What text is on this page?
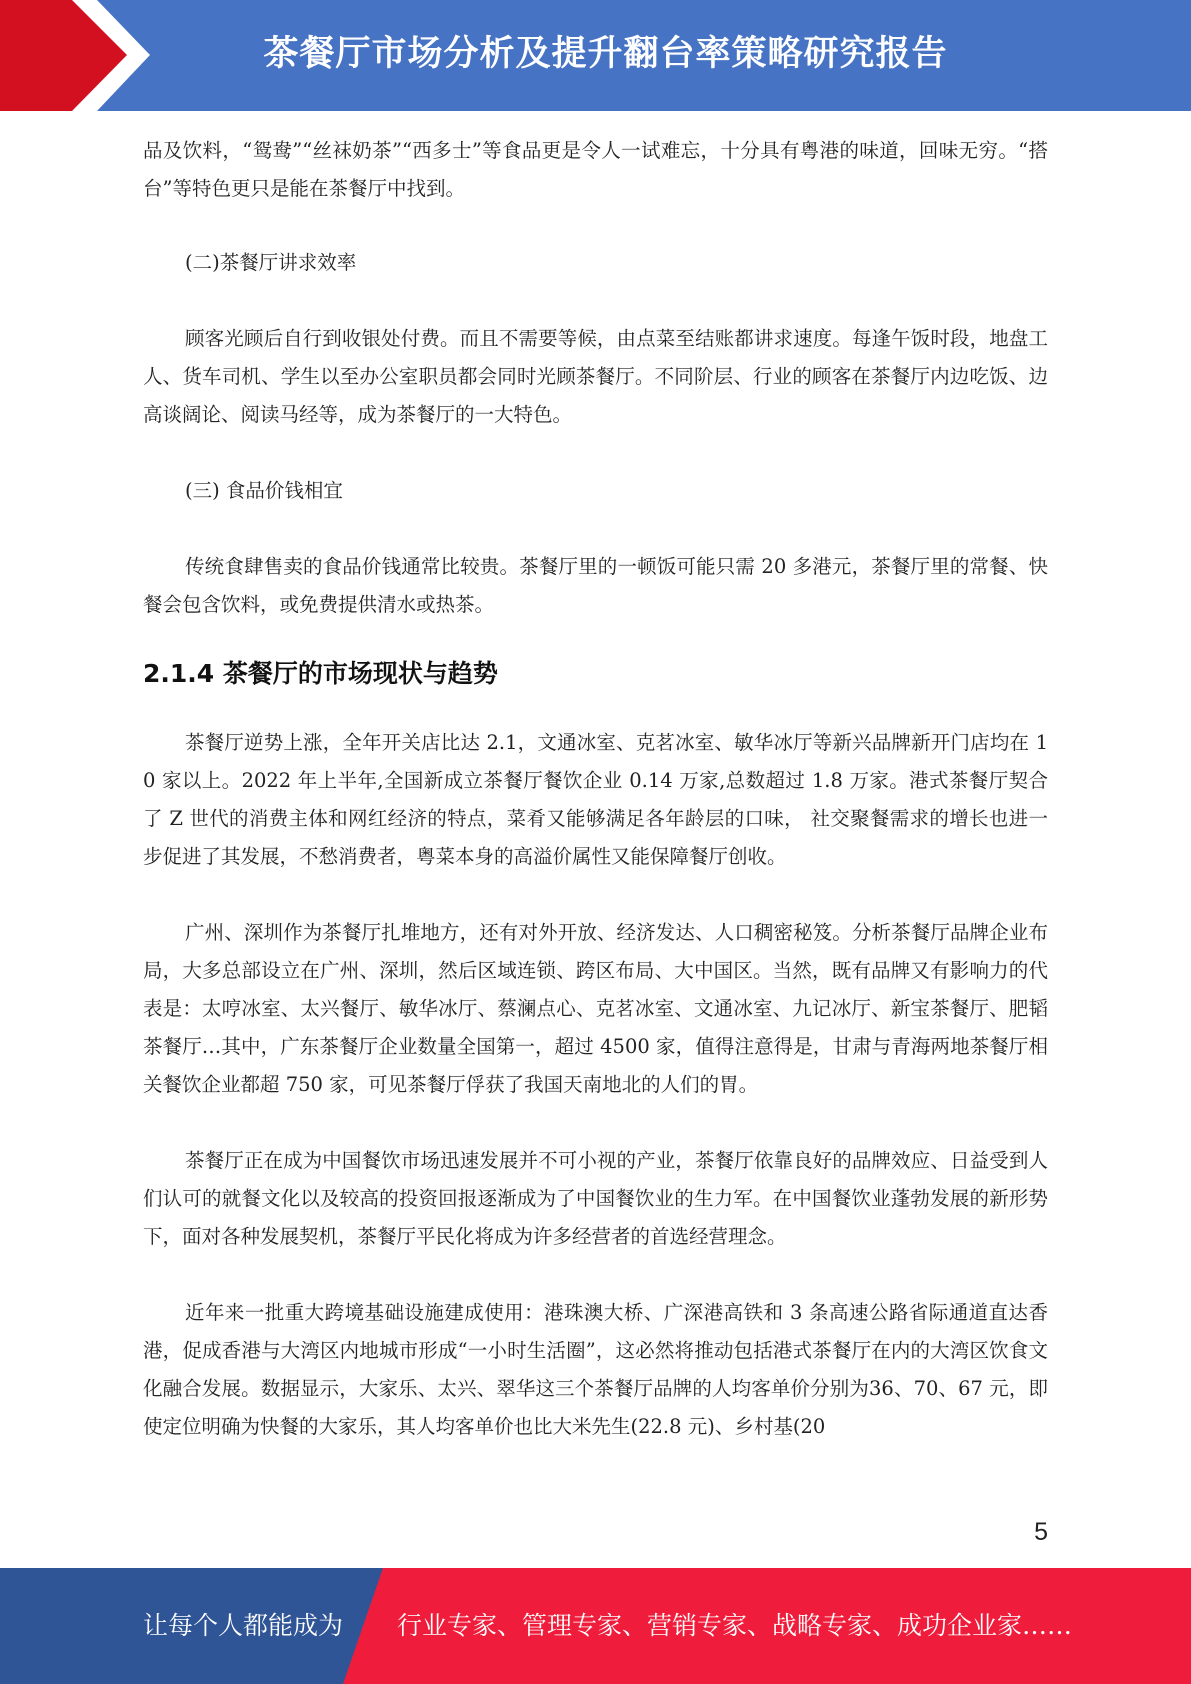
茶餐厅市场分析及提升翻台率策略研究报告

品及饮料，“鸳鸯”“丝袜奶茶”“西多士”等食品更是令人一试难忘，十分具有粤港的味道，回味无穷。“搭台”等特色更只是能在茶餐厅中找到。

(二)茶餐厅讲求效率

顾客光顾后自行到收银处付费。而且不需要等候，由点菜至结账都讲求速度。每逢午饭时段，地盘工人、货车司机、学生以至办公室职员都会同时光顾茶餐厅。不同阶层、行业的顾客在茶餐厅内边吃饭、边高谈阔论、阅读马经等，成为茶餐厅的一大特色。

(三) 食品价钱相宜

传统食肆售卖的食品价钱通常比较贵。茶餐厅里的一顿饭可能只需 20 多港元，茶餐厅里的常餐、快餐会包含饮料，或免费提供清水或热茶。

2.1.4 茶餐厅的市场现状与趋势

茶餐厅逆势上涨，全年开关店比达 2.1，文通冰室、克茗冰室、敏华冰厅等新兴品牌新开门店均在 10 家以上。2022 年上半年,全国新成立茶餐厅餐饮企业 0.14 万家,总数超过 1.8 万家。港式茶餐厅契合了 Z 世代的消费主体和网红经济的特点，菜肴又能够满足各年龄层的口味， 社交聚餐需求的增长也进一步促进了其发展，不愁消费者，粤菜本身的高溢价属性又能保障餐厅创收。

广州、深圳作为茶餐厅扎堆地方，还有对外开放、经济发达、人口稠密秘笈。分析茶餐厅品牌企业布局，大多总部设立在广州、深圳，然后区域连锁、跨区布局、大中国区。当然，既有品牌又有影响力的代表是：太哼冰室、太兴餐厅、敏华冰厅、蔡澜点心、克茗冰室、文通冰室、九记冰厅、新宝茶餐厅、肥韬茶餐厅…其中，广东茶餐厅企业数量全国第一，超过 4500 家，值得注意得是，甘肃与青海两地茶餐厅相关餐饮企业都超 750 家，可见茶餐厅俘获了我国天南地北的人们的胃。

茶餐厅正在成为中国餐饮市场迅速发展并不可小视的产业，茶餐厅依靠良好的品牌效应、日益受到人们认可的就餐文化以及较高的投资回报逐渐成为了中国餐饮业的生力军。在中国餐饮业蓬勃发展的新形势下，面对各种发展契机，茶餐厅平民化将成为许多经营者的首选经营理念。

近年来一批重大跨境基础设施建成使用：港珠澳大桥、广深港高铁和 3 条高速公路省际通道直达香港，促成香港与大湾区内地城市形成“一小时生活圈”，这必然将推动包括港式茶餐厅在内的大湾区饮食文化融合发展。数据显示，大家乐、太兴、翠华这三个茶餐厅品牌的人均客单价分别为36、70、67 元，即使定位明确为快餐的大家乐，其人均客单价也比大米先生(22.8 元)、乡村基(20

5
让每个人都能成为 行业专家、管理专家、营销专家、战略专家、成功企业家……
